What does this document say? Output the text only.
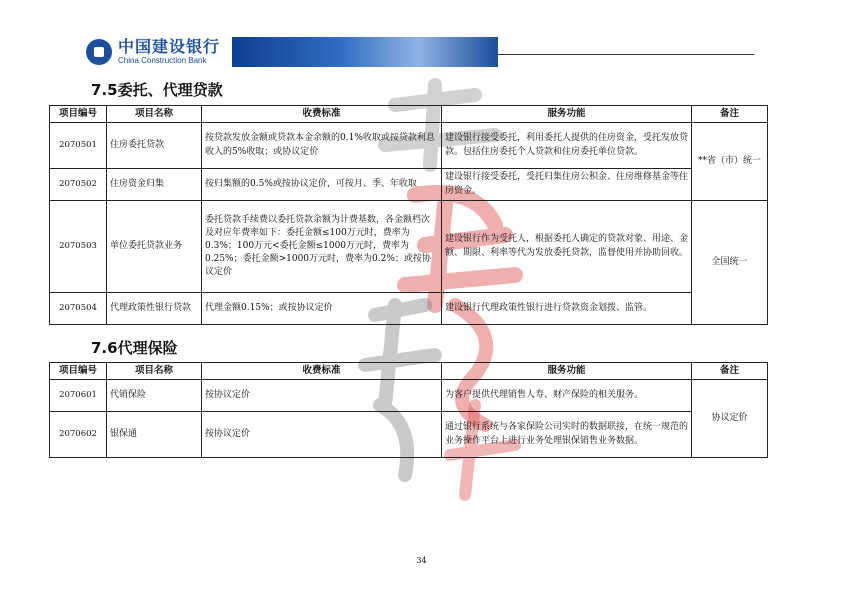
中国建设银行
China Construction Bank
7.5委托、代理贷款
项目编号	项目名称	收费标准	服务功能	备注
2070501	住房委托贷款	按贷款发放金额或贷款本金余额的0.1%收取或按贷款利息收入的5%收取；或协议定价	建设银行接受委托，利用委托人提供的住房资金，受托发放贷款。包括住房委托个人贷款和住房委托单位贷款。	**省（市）统一
2070502	住房资金归集	按归集额的0.5%或按协议定价，可按月、季、年收取	建设银行接受委托，受托归集住房公积金、住房维修基金等住房资金。	
2070503	单位委托贷款业务	委托贷款手续费以委托贷款余额为计费基数，各金额档次及对应年费率如下：委托金额≤100万元时，费率为0.3%；100万元<委托金额≤1000万元时，费率为0.25%；委托金额>1000万元时，费率为0.2%；或按协议定价	建设银行作为受托人，根据委托人确定的贷款对象、用途、金额、期限、利率等代为发放委托贷款，监督使用并协助回收。	全国统一
2070504	代理政策性银行贷款	代理金额0.15%；或按协议定价	建设银行代理政策性银行进行贷款资金划拨、监管。	
7.6代理保险
项目编号	项目名称	收费标准	服务功能	备注
2070601	代销保险	按协议定价	为客户提供代理销售人寿、财产保险的相关服务。	协议定价
2070602	银保通	按协议定价	通过银行系统与各家保险公司实时的数据联接，在统一规范的业务操作平台上进行业务处理银保销售业务数据。	
34
